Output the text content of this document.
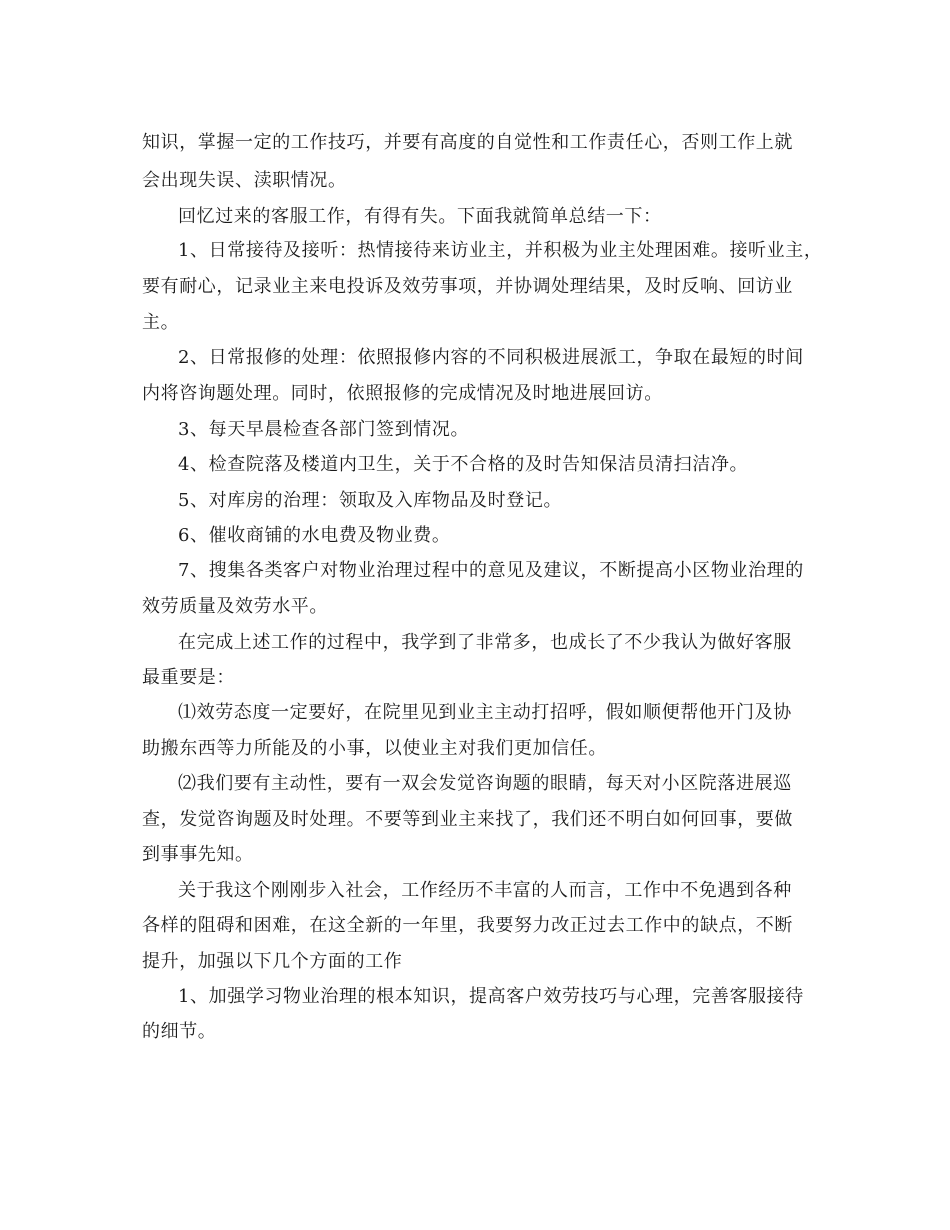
知识，掌握一定的工作技巧，并要有高度的自觉性和工作责任心，否则工作上就
会出现失误、渎职情况。
回忆过来的客服工作，有得有失。下面我就简单总结一下：
1、日常接待及接听：热情接待来访业主，并积极为业主处理困难。接听业主，
要有耐心，记录业主来电投诉及效劳事项，并协调处理结果，及时反响、回访业
主。
2、日常报修的处理：依照报修内容的不同积极进展派工，争取在最短的时间
内将咨询题处理。同时，依照报修的完成情况及时地进展回访。
3、每天早晨检查各部门签到情况。
4、检查院落及楼道内卫生，关于不合格的及时告知保洁员清扫洁净。
5、对库房的治理：领取及入库物品及时登记。
6、催收商铺的水电费及物业费。
7、搜集各类客户对物业治理过程中的意见及建议，不断提高小区物业治理的
效劳质量及效劳水平。
在完成上述工作的过程中，我学到了非常多，也成长了不少我认为做好客服
最重要是：
⑴效劳态度一定要好，在院里见到业主主动打招呼，假如顺便帮他开门及协
助搬东西等力所能及的小事，以使业主对我们更加信任。
⑵我们要有主动性，要有一双会发觉咨询题的眼睛，每天对小区院落进展巡
查，发觉咨询题及时处理。不要等到业主来找了，我们还不明白如何回事，要做
到事事先知。
关于我这个刚刚步入社会，工作经历不丰富的人而言，工作中不免遇到各种
各样的阻碍和困难，在这全新的一年里，我要努力改正过去工作中的缺点，不断
提升，加强以下几个方面的工作
1、加强学习物业治理的根本知识，提高客户效劳技巧与心理，完善客服接待
的细节。
